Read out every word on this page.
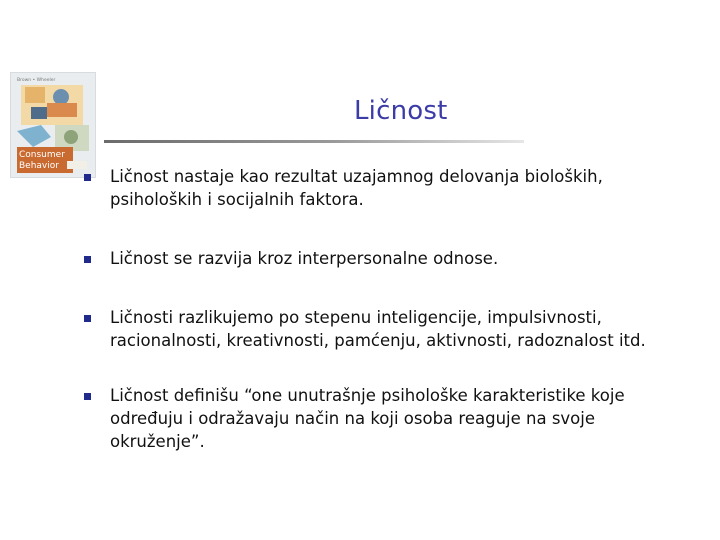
Brown • Wheeler
Consumer
Behavior
Ličnost
Ličnost nastaje kao rezultat uzajamnog delovanja bioloških, psiholoških i socijalnih faktora.
Ličnost se razvija kroz interpersonalne odnose.
Ličnosti razlikujemo po stepenu inteligencije, impulsivnosti, racionalnosti, kreativnosti, pamćenju, aktivnosti, radoznalost itd.
Ličnost definišu “one unutrašnje psihološke karakteristike koje određuju i odražavaju način na koji osoba reaguje na svoje okruženje”.
